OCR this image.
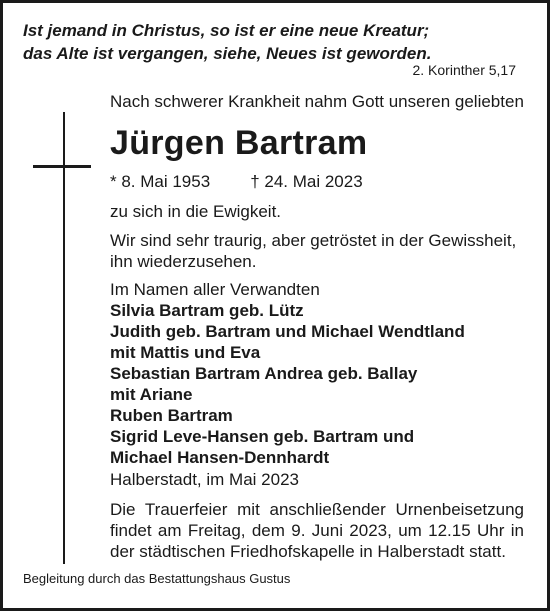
Ist jemand in Christus, so ist er eine neue Kreatur;
das Alte ist vergangen, siehe, Neues ist geworden.
2. Korinther 5,17
Nach schwerer Krankheit nahm Gott unseren geliebten
Jürgen Bartram
* 8. Mai 1953 † 24. Mai 2023
zu sich in die Ewigkeit.
Wir sind sehr traurig, aber getröstet in der Gewissheit,
ihn wiederzusehen.
Im Namen aller Verwandten
Silvia Bartram geb. Lütz
Judith geb. Bartram und Michael Wendtland
mit Mattis und Eva
Sebastian Bartram Andrea geb. Ballay
mit Ariane
Ruben Bartram
Sigrid Leve-Hansen geb. Bartram und
Michael Hansen-Dennhardt
Halberstadt, im Mai 2023
Die Trauerfeier mit anschließender Urnenbeisetzung
findet am Freitag, dem 9. Juni 2023, um 12.15 Uhr in
der städtischen Friedhofskapelle in Halberstadt statt.
Begleitung durch das Bestattungshaus Gustus
